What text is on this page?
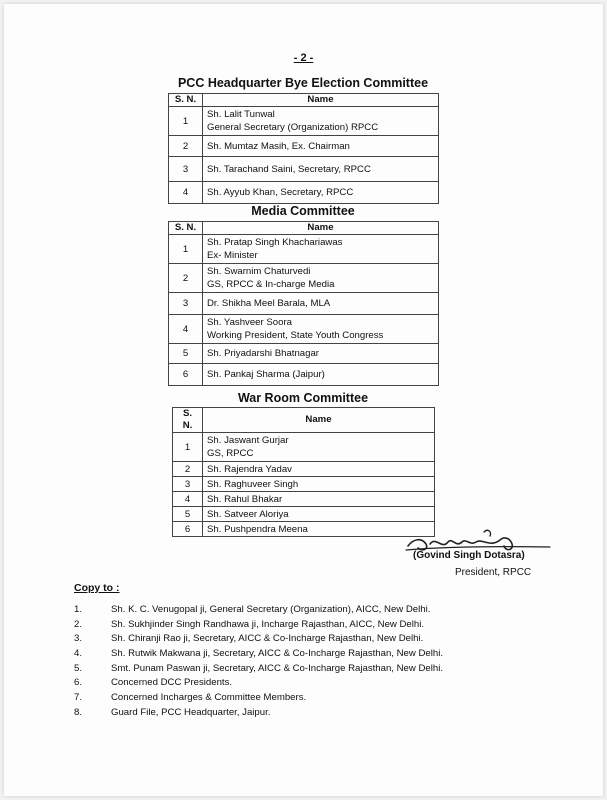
- 2 -
PCC Headquarter Bye Election Committee
S. N.	Name
1	Sh. Lalit Tunwal
General Secretary (Organization) RPCC

2	Sh. Mumtaz Masih, Ex. Chairman

3	Sh. Tarachand Saini, Secretary, RPCC

4	Sh. Ayyub Khan, Secretary, RPCC
Media Committee
S. N.	Name
1	Sh. Pratap Singh Khachariawas
Ex- Minister

2	Sh. Swarnim Chaturvedi
GS, RPCC & In-charge Media

3	Dr. Shikha Meel Barala, MLA

4	Sh. Yashveer Soora
Working President, State Youth Congress

5	Sh. Priyadarshi Bhatnagar

6	Sh. Pankaj Sharma (Jaipur)
War Room Committee
S. N.	Name
1	Sh. Jaswant Gurjar
GS, RPCC

2	Sh. Rajendra Yadav

3	Sh. Raghuveer Singh

4	Sh. Rahul Bhakar

5	Sh. Satveer Aloriya

6	Sh. Pushpendra Meena
(Govind Singh Dotasra)
President, RPCC
Copy to :
1.	Sh. K. C. Venugopal ji, General Secretary (Organization), AICC, New Delhi.
2.	Sh. Sukhjinder Singh Randhawa ji, Incharge Rajasthan, AICC, New Delhi.
3.	Sh. Chiranji Rao ji, Secretary, AICC & Co-Incharge Rajasthan, New Delhi.
4.	Sh. Rutwik Makwana ji, Secretary, AICC & Co-Incharge Rajasthan, New Delhi.
5.	Smt. Punam Paswan ji, Secretary, AICC & Co-Incharge Rajasthan, New Delhi.
6.	Concerned DCC Presidents.
7.	Concerned Incharges & Committee Members.
8.	Guard File, PCC Headquarter, Jaipur.
